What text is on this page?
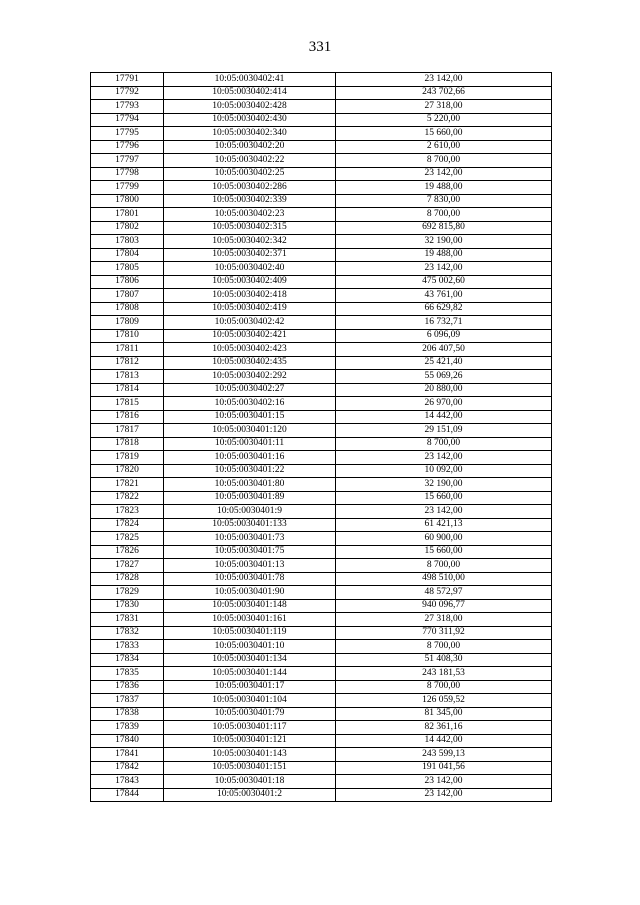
331
17791	10:05:0030402:41	23 142,00
17792	10:05:0030402:414	243 702,66
17793	10:05:0030402:428	27 318,00
17794	10:05:0030402:430	5 220,00
17795	10:05:0030402:340	15 660,00
17796	10:05:0030402:20	2 610,00
17797	10:05:0030402:22	8 700,00
17798	10:05:0030402:25	23 142,00
17799	10:05:0030402:286	19 488,00
17800	10:05:0030402:339	7 830,00
17801	10:05:0030402:23	8 700,00
17802	10:05:0030402:315	692 815,80
17803	10:05:0030402:342	32 190,00
17804	10:05:0030402:371	19 488,00
17805	10:05:0030402:40	23 142,00
17806	10:05:0030402:409	475 002,60
17807	10:05:0030402:418	43 761,00
17808	10:05:0030402:419	66 629,82
17809	10:05:0030402:42	16 732,71
17810	10:05:0030402:421	6 096,09
17811	10:05:0030402:423	206 407,50
17812	10:05:0030402:435	25 421,40
17813	10:05:0030402:292	55 069,26
17814	10:05:0030402:27	20 880,00
17815	10:05:0030402:16	26 970,00
17816	10:05:0030401:15	14 442,00
17817	10:05:0030401:120	29 151,09
17818	10:05:0030401:11	8 700,00
17819	10:05:0030401:16	23 142,00
17820	10:05:0030401:22	10 092,00
17821	10:05:0030401:80	32 190,00
17822	10:05:0030401:89	15 660,00
17823	10:05:0030401:9	23 142,00
17824	10:05:0030401:133	61 421,13
17825	10:05:0030401:73	60 900,00
17826	10:05:0030401:75	15 660,00
17827	10:05:0030401:13	8 700,00
17828	10:05:0030401:78	498 510,00
17829	10:05:0030401:90	48 572,97
17830	10:05:0030401:148	940 096,77
17831	10:05:0030401:161	27 318,00
17832	10:05:0030401:119	770 311,92
17833	10:05:0030401:10	8 700,00
17834	10:05:0030401:134	51 408,30
17835	10:05:0030401:144	243 181,53
17836	10:05:0030401:17	8 700,00
17837	10:05:0030401:104	126 059,52
17838	10:05:0030401:79	81 345,00
17839	10:05:0030401:117	82 361,16
17840	10:05:0030401:121	14 442,00
17841	10:05:0030401:143	243 599,13
17842	10:05:0030401:151	191 041,56
17843	10:05:0030401:18	23 142,00
17844	10:05:0030401:2	23 142,00
